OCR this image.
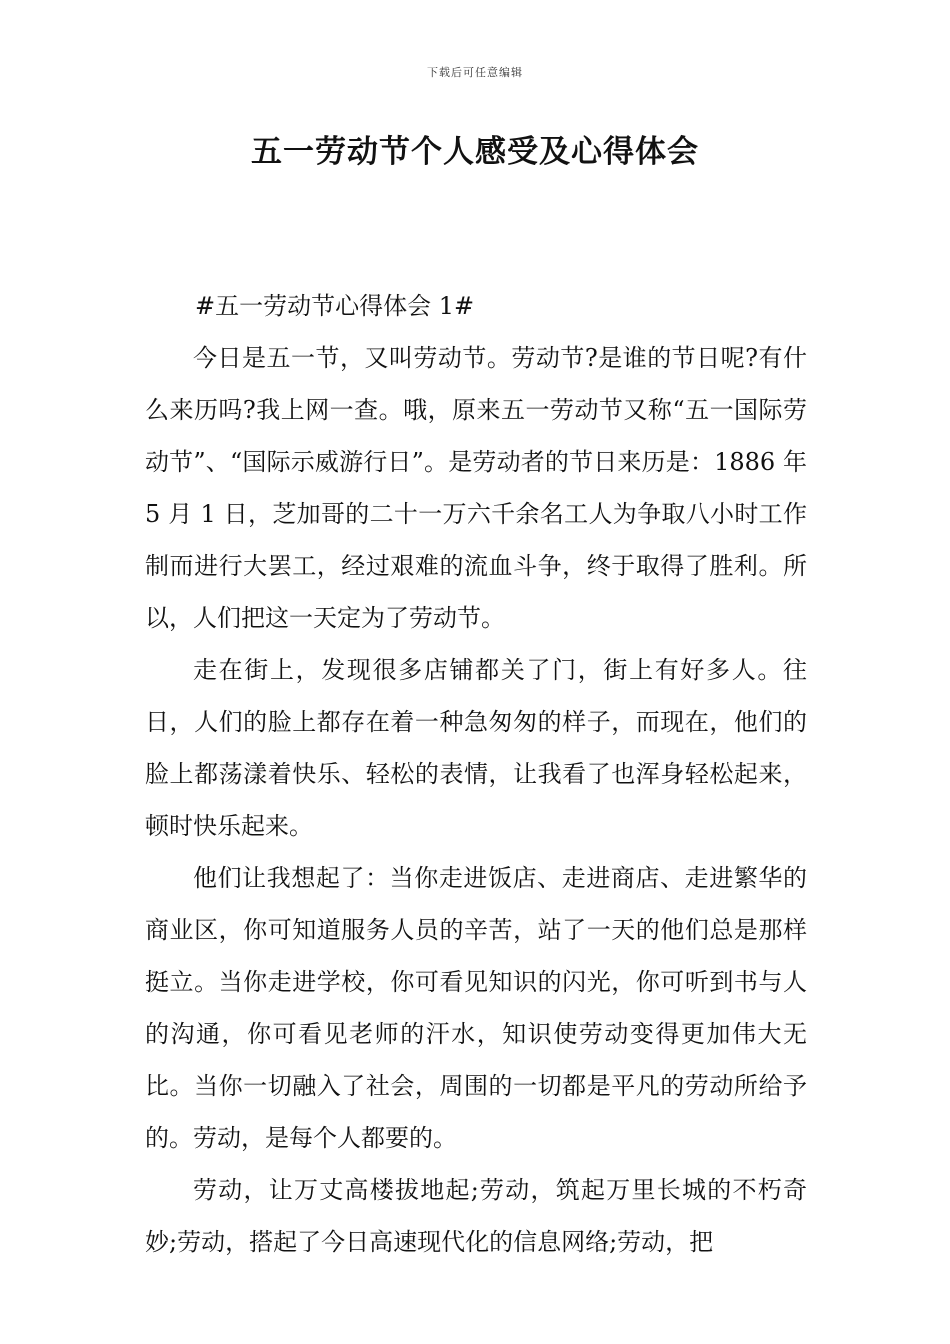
下载后可任意编辑
五一劳动节个人感受及心得体会

#五一劳动节心得体会 1#

今日是五一节，又叫劳动节。劳动节?是谁的节日呢?有什么来历吗?我上网一查。哦，原来五一劳动节又称“五一国际劳动节”、“国际示威游行日”。是劳动者的节日来历是：1886 年 5 月 1 日，芝加哥的二十一万六千余名工人为争取八小时工作制而进行大罢工，经过艰难的流血斗争，终于取得了胜利。所以，人们把这一天定为了劳动节。

走在街上，发现很多店铺都关了门，街上有好多人。往日，人们的脸上都存在着一种急匆匆的样子，而现在，他们的脸上都荡漾着快乐、轻松的表情，让我看了也浑身轻松起来，顿时快乐起来。

他们让我想起了：当你走进饭店、走进商店、走进繁华的商业区，你可知道服务人员的辛苦，站了一天的他们总是那样挺立。当你走进学校，你可看见知识的闪光，你可听到书与人的沟通，你可看见老师的汗水，知识使劳动变得更加伟大无比。当你一切融入了社会，周围的一切都是平凡的劳动所给予的。劳动，是每个人都要的。

劳动，让万丈高楼拔地起;劳动，筑起万里长城的不朽奇妙;劳动，搭起了今日高速现代化的信息网络;劳动，把
